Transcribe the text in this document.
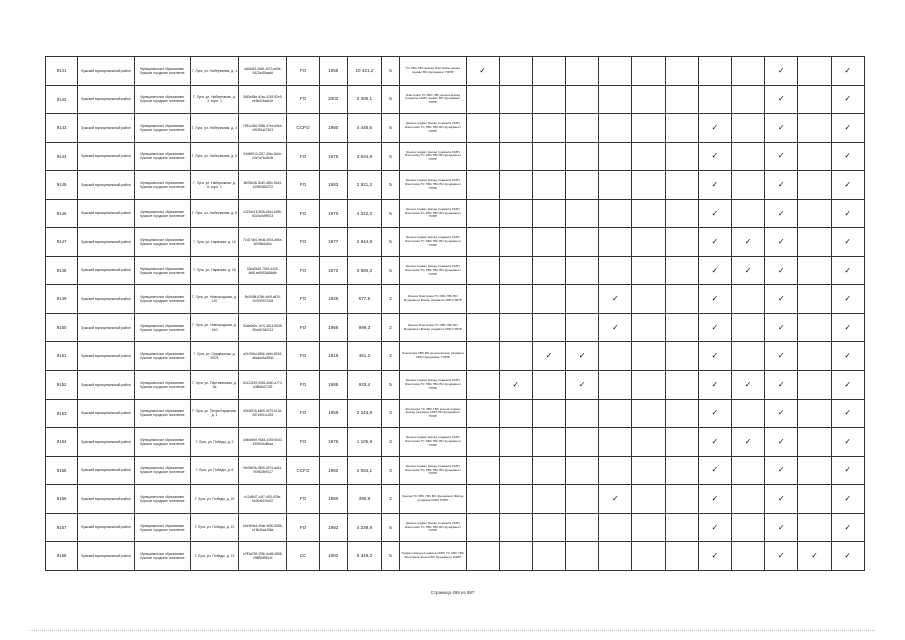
9141	Лужский муниципальный район	Муниципальное образование Лужское городское поселение	Г. Луга, ул. Набережная, д. 1	c6e5c53-2b2b-4073-a66e-6422a1f0aad6	FO	1956	10 421,2	5	ТС ХВС ГВС фасад Электрика крыша подвал ВО фундамент ПЗПР	✓									✓		✓
9142	Лужский муниципальный район	Муниципальное образование Лужское городское поселение	Г. Луга, ул. Набережная, д. 3, корп. 1	3683e88e-d0ac-4185-92e9-ee5a02baab0e	FO	2002	2 305,1	5	Электрика ТС ХВС ГВС крыша фасад (подвала СМР) подвал ВО фундамент ПЗПР										✓		✓
9143	Лужский муниципальный район	Муниципальное образование Лужское городское поселение	Г. Луга, ул. Набережная, д. 3	7581c066-9086-47ee-b5b4-e9f381a07403	CCFO	1980	4 448,5	5	Крыша подвал фасад (подвала СМР) Электрика ТС ХВС ГВС ВО фундамент ПЗПР								✓		✓		✓
9144	Лужский муниципальный район	Муниципальное образование Лужское городское поселение	Г. Луга, ул. Набережная, д. 6	53d69010-2f37-42dc-8a2e-44e7a76d4b3e	FO	1975	3 934,9	5	Крыша подвал фасад (подвала СМР) Электрика ТС ХВС ГВС ВО фундамент ПЗПР								✓		✓		✓
9145	Лужский муниципальный район	Муниципальное образование Лужское городское поселение	Г. Луга, ул. Набережная, д. 6, корп. 1	6b0f3c46-32a9-489c-9a34-429593867f72	FO	1983	2 921,2	5	Крыша подвал фасад (подвала СМР) Электрика ТС ХВС ГВС ВО фундамент ПЗПР								✓		✓		✓
9146	Лужский муниципальный район	Муниципальное образование Лужское городское поселение	Г. Луга, ул. Набережная, д. 8	c321d018-5f55-46e4-b25b-8419a0d99014	FO	1970	4 022,3	5	Крыша подвал фасад (подвала СМР) Электрика ТС ХВС ГВС ВО фундамент ПЗПР								✓		✓		✓
9147	Лужский муниципальный район	Муниципальное образование Лужское городское поселение	Г. Луга, ул. Нарвская, д. 16	71d27dc5-5e08-4901-a96e-a09f5a5a2bc	FO	1977	2 944,8	5	Крыша подвал фасад (подвала СМР) Электрика ТС ХВС ГВС ВО фундамент ПЗПР								✓	✓	✓		✓
9148	Лужский муниципальный район	Муниципальное образование Лужское городское поселение	Г. Луга, ул. Нарвская, д. 18	52da9b49-79b3-4349-8d81ea9953d66b8b	FO	1972	3 880,3	5	Крыша подвал фасад (подвала СМР) Электрика ТС ХВС ГВС ВО фундамент ПЗПР								✓	✓	✓		✓
9149	Лужский муниципальный район	Муниципальное образование Лужское городское поселение	Г. Луга, ул. Новгородская, д. 120	9b0f4f8f-628b-4b5f-a819-197839972344	FO	1945	677,5	2	Крыша Электрика ТС ХВС ГВС ВО Фундамент Фасад (подвала СМР) ПЗПР					✓			✓		✓		✓
9150	Лужский муниципальный район	Муниципальное образование Лужское городское поселение	Г. Луга, ул. Новгородская, д. 160	32ab8d0c-1e70-4614-9538-98ce61940114	FO	1966	999,3	2	Крыша Электрика ТС ХВС ГВС ВО Фундамент Фасад (подвала СМР) ПЗПР					✓			✓		✓		✓
9151	Лужский муниципальный район	Муниципальное образование Лужское городское поселение	Г. Луга, ул. Оредежская, д. 20/21	a2b7fd9d-b96b-4e5e-8918-a8a4a44a384d	FO	1919	461,2	2	Электрика ХВС ВО крыша фасад (подвала СМР) фундамент ПЗПР			✓	✓				✓		✓		✓
9152	Лужский муниципальный район	Муниципальное образование Лужское городское поселение	Г. Луга, ул. Партизанская, д. 9а	50122519-9553-4b60-a770-e4f8d6c072f2	FO	1985	933,4	5	Крыша подвал фасад (подвала СМР) Электрика ТС ХВС ГВС ВО фундамент ПЗПР		✓		✓				✓	✓	✓		✓
9153	Лужский муниципальный район	Муниципальное образование Лужское городское поселение	Г. Луга, ул. Петра Баранова, д. 1	d0b00f15-6489-4979-b13d-467c401cc053	FO	1959	2 243,6	3	Электрика ТС ХВС ГВС крыша подвал фасад (подвала СМР) ВО фундамент ПЗПР								✓		✓		✓
9154	Лужский муниципальный район	Муниципальное образование Лужское городское поселение	Г. Луга, ул. Победы, д. 2	c06d6b09-9648-4339-9d40-420f034d8eaa	FO	1975	1 105,9	3	Крыша подвал фасад (подвала СМР) Электрика ТС ХВС ГВС ВО фундамент ПЗПР								✓	✓	✓		✓
9155	Лужский муниципальный район	Муниципальное образование Лужское городское поселение	Г. Луга, ул. Победы, д. 6	f9e09b9b-2806-4974-aa91-7f09823b9117	CCFO	1962	2 094,1	3	Крыша подвал фасад (подвала СМР) Электрика ТС ХВС ГВС ВО фундамент ПЗПР								✓		✓		✓
9156	Лужский муниципальный район	Муниципальное образование Лужское городское поселение	Г. Луга, ул. Победы, д. 20	e12d5f47-d1f7-4f20-839e-b620d8976d37	FO	1960	390,8	2	Крыша ТС ХВС ГВС ВО фундамент Фасад (подвала СМР) ПЗПР					✓			✓		✓		✓
9157	Лужский муниципальный район	Муниципальное образование Лужское городское поселение	Г. Луга, ул. Победы, д. 10	b2e3b9a4-d9ae-4690-5986-e16b30a4188a	FO	1982	4 239,9	5	Крыша подвал фасад (подвала СМР) Электрика ТС ХВС ГВС ВО фундамент ПЗПР								✓		✓		✓
9158	Лужский муниципальный район	Муниципальное образование Лужское городское поселение	Г. Луга, ул. Победы, д. 12	e783a299-393b-4e85-9856-098f56f98344	CC	1982	6 349,3	5	Подвал фасад (подвала СМР) ТС ХВС ГВС Электрика крыша ВО фундамент ПЗПР								✓		✓	✓	✓
Страница 499 из 887
